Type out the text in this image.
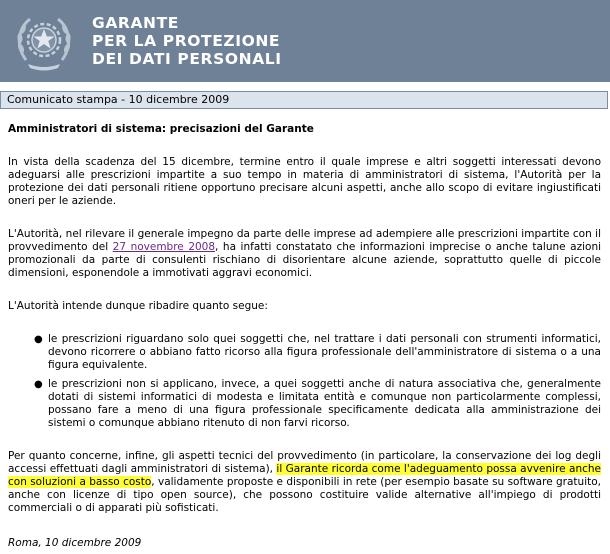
GARANTE
PER LA PROTEZIONE
DEI DATI PERSONALI
Comunicato stampa - 10 dicembre 2009

Amministratori di sistema: precisazioni del Garante

In vista della scadenza del 15 dicembre, termine entro il quale imprese e altri soggetti interessati devono adeguarsi alle prescrizioni impartite a suo tempo in materia di amministratori di sistema, l'Autorità per la protezione dei dati personali ritiene opportuno precisare alcuni aspetti, anche allo scopo di evitare ingiustificati oneri per le aziende.

L'Autorità, nel rilevare il generale impegno da parte delle imprese ad adempiere alle prescrizioni impartite con il provvedimento del 27 novembre 2008, ha infatti constatato che informazioni imprecise o anche talune azioni promozionali da parte di consulenti rischiano di disorientare alcune aziende, soprattutto quelle di piccole dimensioni, esponendole a immotivati aggravi economici.

L'Autorità intende dunque ribadire quanto segue:

● le prescrizioni riguardano solo quei soggetti che, nel trattare i dati personali con strumenti informatici, devono ricorrere o abbiano fatto ricorso alla figura professionale dell'amministratore di sistema o a una figura equivalente.
● le prescrizioni non si applicano, invece, a quei soggetti anche di natura associativa che, generalmente dotati di sistemi informatici di modesta e limitata entità e comunque non particolarmente complessi, possano fare a meno di una figura professionale specificamente dedicata alla amministrazione dei sistemi o comunque abbiano ritenuto di non farvi ricorso.

Per quanto concerne, infine, gli aspetti tecnici del provvedimento (in particolare, la conservazione dei log degli accessi effettuati dagli amministratori di sistema), il Garante ricorda come l'adeguamento possa avvenire anche con soluzioni a basso costo, validamente proposte e disponibili in rete (per esempio basate su software gratuito, anche con licenze di tipo open source), che possono costituire valide alternative all'impiego di prodotti commerciali o di apparati più sofisticati.

Roma, 10 dicembre 2009
